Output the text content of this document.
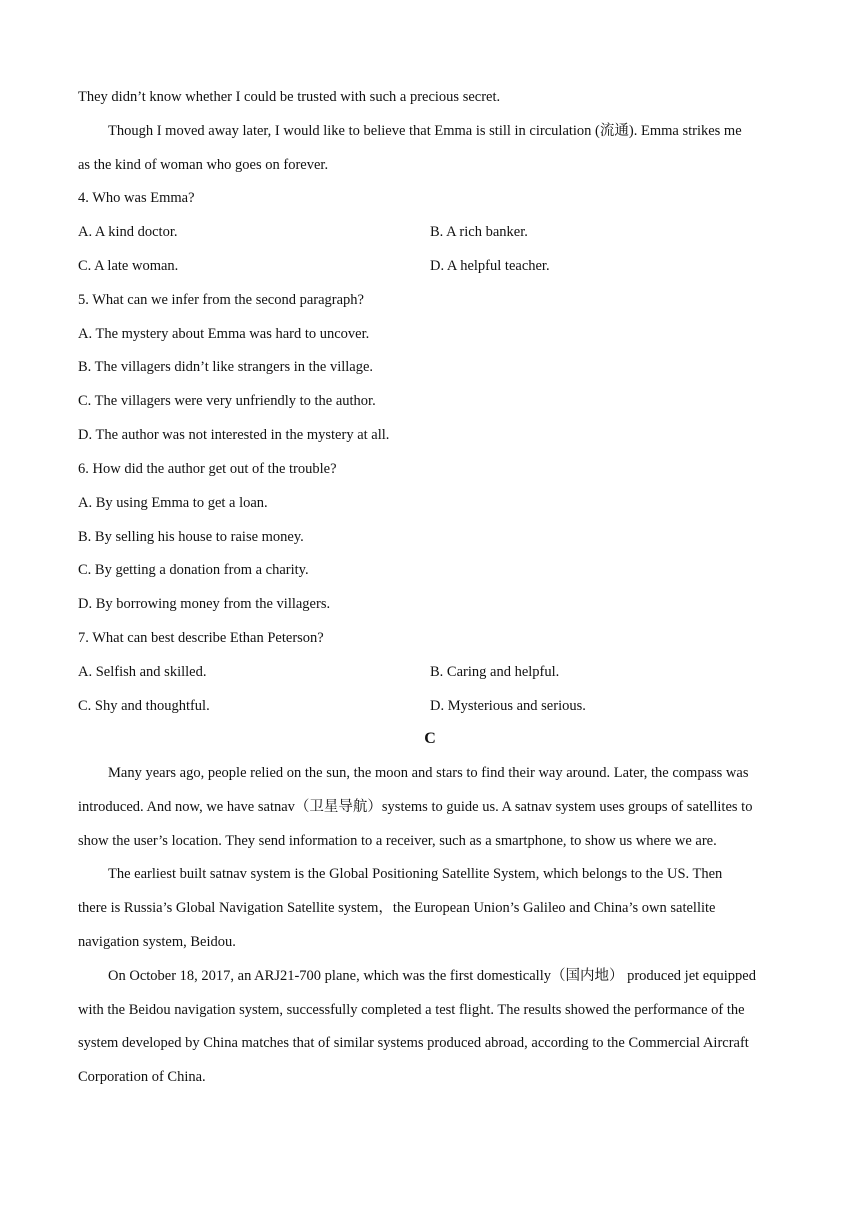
They didn’t know whether I could be trusted with such a precious secret.
Though I moved away later, I would like to believe that Emma is still in circulation (流通). Emma strikes me
as the kind of woman who goes on forever.
4. Who was Emma?
A. A kind doctor.	B. A rich banker.
C. A late woman.	D. A helpful teacher.
5. What can we infer from the second paragraph?
A. The mystery about Emma was hard to uncover.
B. The villagers didn’t like strangers in the village.
C. The villagers were very unfriendly to the author.
D. The author was not interested in the mystery at all.
6. How did the author get out of the trouble?
A. By using Emma to get a loan.
B. By selling his house to raise money.
C. By getting a donation from a charity.
D. By borrowing money from the villagers.
7. What can best describe Ethan Peterson?
A. Selfish and skilled.	B. Caring and helpful.
C. Shy and thoughtful.	D. Mysterious and serious.
C
Many years ago, people relied on the sun, the moon and stars to find their way around. Later, the compass was
introduced. And now, we have satnav（卫星导航）systems to guide us. A satnav system uses groups of satellites to
show the user’s location. They send information to a receiver, such as a smartphone, to show us where we are.
The earliest built satnav system is the Global Positioning Satellite System, which belongs to the US. Then
there is Russia’s Global Navigation Satellite system，the European Union’s Galileo and China’s own satellite
navigation system, Beidou.
On October 18, 2017, an ARJ21-700 plane, which was the first domestically（国内地） produced jet equipped
with the Beidou navigation system, successfully completed a test flight. The results showed the performance of the
system developed by China matches that of similar systems produced abroad, according to the Commercial Aircraft
Corporation of China.
